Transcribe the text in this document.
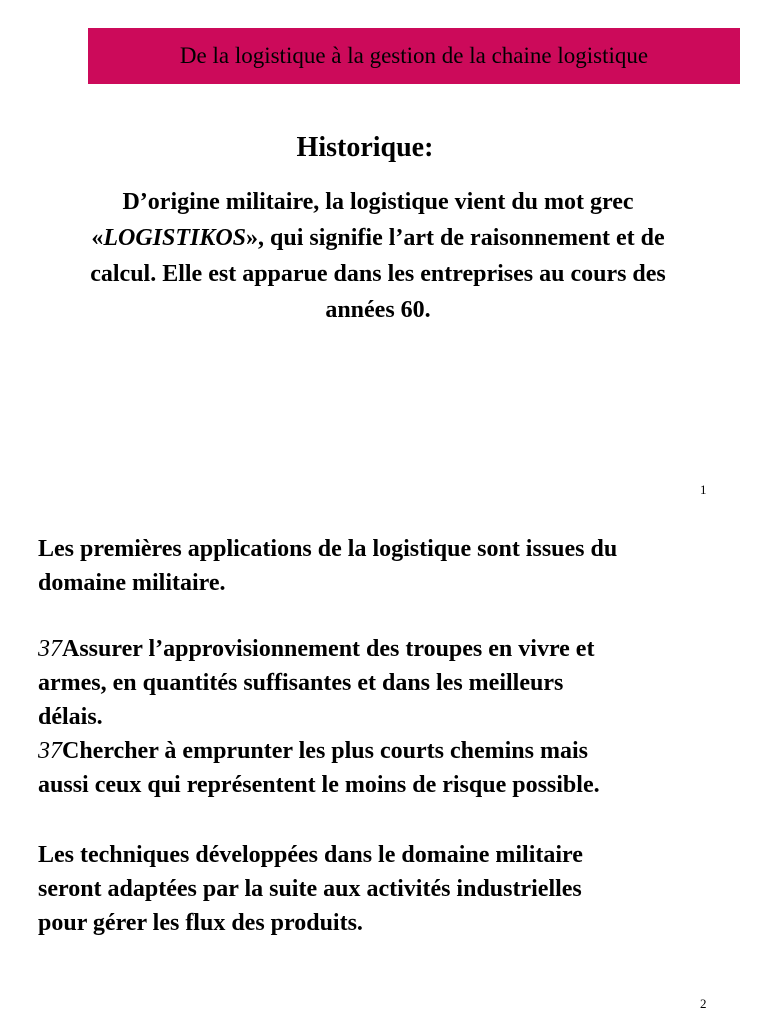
De la logistique à la gestion de la chaine logistique
Historique:
D’origine militaire, la logistique vient du mot grec
«LOGISTIKOS», qui signifie l’art de raisonnement et de
calcul. Elle est apparue dans les entreprises au cours des
années 60.
1
Les premières applications de la logistique sont issues du
domaine militaire.
37Assurer l’approvisionnement des troupes en vivre et
armes, en quantités suffisantes et dans les meilleurs
délais.
37Chercher à emprunter les plus courts chemins mais
aussi ceux qui représentent le moins de risque possible.
Les techniques développées dans le domaine militaire
seront adaptées par la suite aux activités industrielles
pour gérer les flux des produits.
2
